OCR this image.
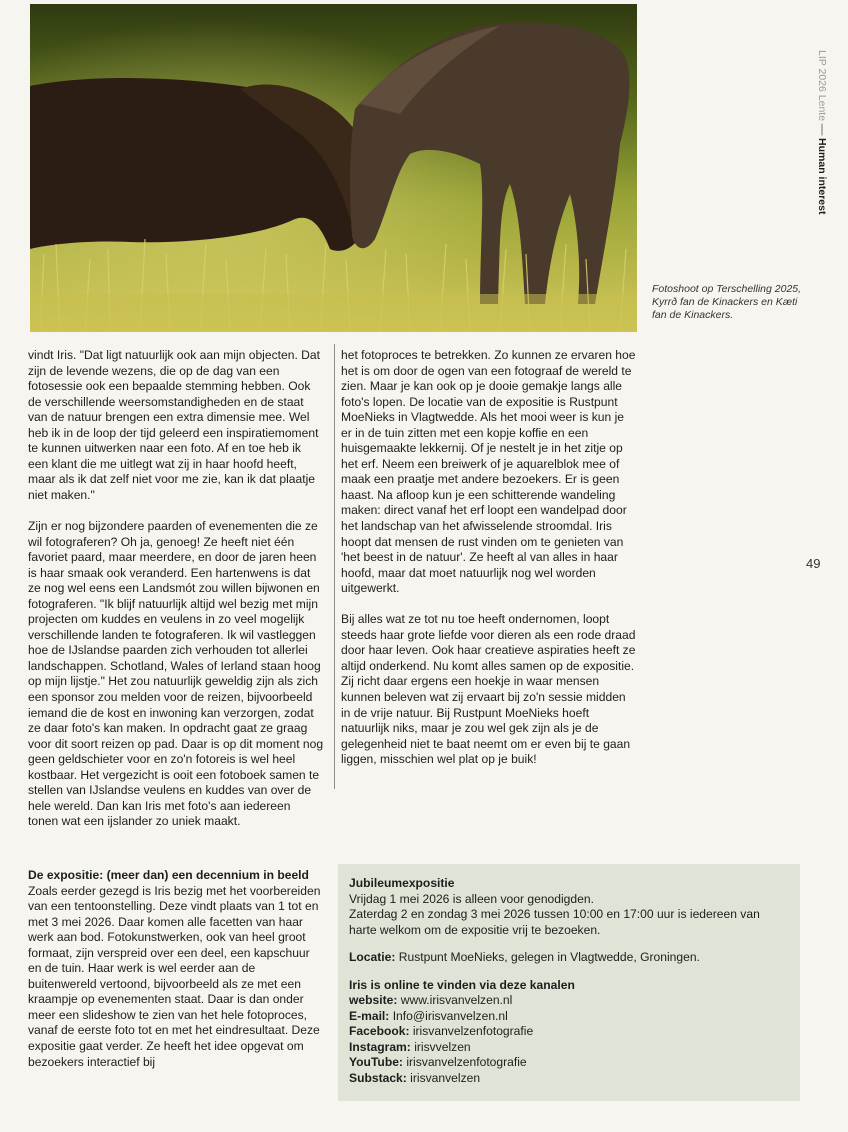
Fotoshoot op Terschelling 2025, Kyrrð fan de Kinackers en Kæti fan de Kinackers.
LIP 2026 Lente
Human interest
49

vindt Iris. "Dat ligt natuurlijk ook aan mijn objecten. Dat zijn de levende wezens, die op de dag van een fotosessie ook een bepaalde stemming hebben. Ook de verschillende weersomstandigheden en de staat van de natuur brengen een extra dimensie mee. Wel heb ik in de loop der tijd geleerd een inspiratiemoment te kunnen uitwerken naar een foto. Af en toe heb ik een klant die me uitlegt wat zij in haar hoofd heeft, maar als ik dat zelf niet voor me zie, kan ik dat plaatje niet maken."

Zijn er nog bijzondere paarden of evenementen die ze wil fotograferen? Oh ja, genoeg! Ze heeft niet één favoriet paard, maar meerdere, en door de jaren heen is haar smaak ook veranderd. Een hartenwens is dat ze nog wel eens een Landsmót zou willen bijwonen en fotograferen. "Ik blijf natuurlijk altijd wel bezig met mijn projecten om kuddes en veulens in zo veel mogelijk verschillende landen te fotograferen. Ik wil vastleggen hoe de IJslandse paarden zich verhouden tot allerlei landschappen. Schotland, Wales of Ierland staan hoog op mijn lijstje." Het zou natuurlijk geweldig zijn als zich een sponsor zou melden voor de reizen, bijvoorbeeld iemand die de kost en inwoning kan verzorgen, zodat ze daar foto's kan maken. In opdracht gaat ze graag voor dit soort reizen op pad. Daar is op dit moment nog geen geldschieter voor en zo'n fotoreis is wel heel kostbaar. Het vergezicht is ooit een fotoboek samen te stellen van IJslandse veulens en kuddes van over de hele wereld. Dan kan Iris met foto's aan iedereen tonen wat een ijslander zo uniek maakt.

het fotoproces te betrekken. Zo kunnen ze ervaren hoe het is om door de ogen van een fotograaf de wereld te zien. Maar je kan ook op je dooie gemakje langs alle foto's lopen. De locatie van de expositie is Rustpunt MoeNieks in Vlagtwedde. Als het mooi weer is kun je er in de tuin zitten met een kopje koffie en een huisgemaakte lekkernij. Of je nestelt je in het zitje op het erf. Neem een breiwerk of je aquarelblok mee of maak een praatje met andere bezoekers. Er is geen haast. Na afloop kun je een schitterende wandeling maken: direct vanaf het erf loopt een wandelpad door het landschap van het afwisselende stroomdal. Iris hoopt dat mensen de rust vinden om te genieten van 'het beest in de natuur'. Ze heeft al van alles in haar hoofd, maar dat moet natuurlijk nog wel worden uitgewerkt.

Bij alles wat ze tot nu toe heeft ondernomen, loopt steeds haar grote liefde voor dieren als een rode draad door haar leven. Ook haar creatieve aspiraties heeft ze altijd onderkend. Nu komt alles samen op de expositie. Zij richt daar ergens een hoekje in waar mensen kunnen beleven wat zij ervaart bij zo'n sessie midden in de vrije natuur. Bij Rustpunt MoeNieks hoeft natuurlijk niks, maar je zou wel gek zijn als je de gelegenheid niet te baat neemt om er even bij te gaan liggen, misschien wel plat op je buik!

De expositie: (meer dan) een decennium in beeld

Zoals eerder gezegd is Iris bezig met het voorbereiden van een tentoonstelling. Deze vindt plaats van 1 tot en met 3 mei 2026. Daar komen alle facetten van haar werk aan bod. Fotokunstwerken, ook van heel groot formaat, zijn verspreid over een deel, een kapschuur en de tuin. Haar werk is wel eerder aan de buitenwereld vertoond, bijvoorbeeld als ze met een kraampje op evenementen staat. Daar is dan onder meer een slideshow te zien van het hele fotoproces, vanaf de eerste foto tot en met het eindresultaat. Deze expositie gaat verder. Ze heeft het idee opgevat om bezoekers interactief bij

Jubileumexpositie
Vrijdag 1 mei 2026 is alleen voor genodigden.
Zaterdag 2 en zondag 3 mei 2026 tussen 10:00 en 17:00 uur is iedereen van harte welkom om de expositie vrij te bezoeken.
Locatie: Rustpunt MoeNieks, gelegen in Vlagtwedde, Groningen.
Iris is online te vinden via deze kanalen
website: www.irisvanvelzen.nl
E-mail: Info@irisvanvelzen.nl
Facebook: irisvanvelzenfotografie
Instagram: irisvvelzen
YouTube: irisvanvelzenfotografie
Substack: irisvanvelzen
